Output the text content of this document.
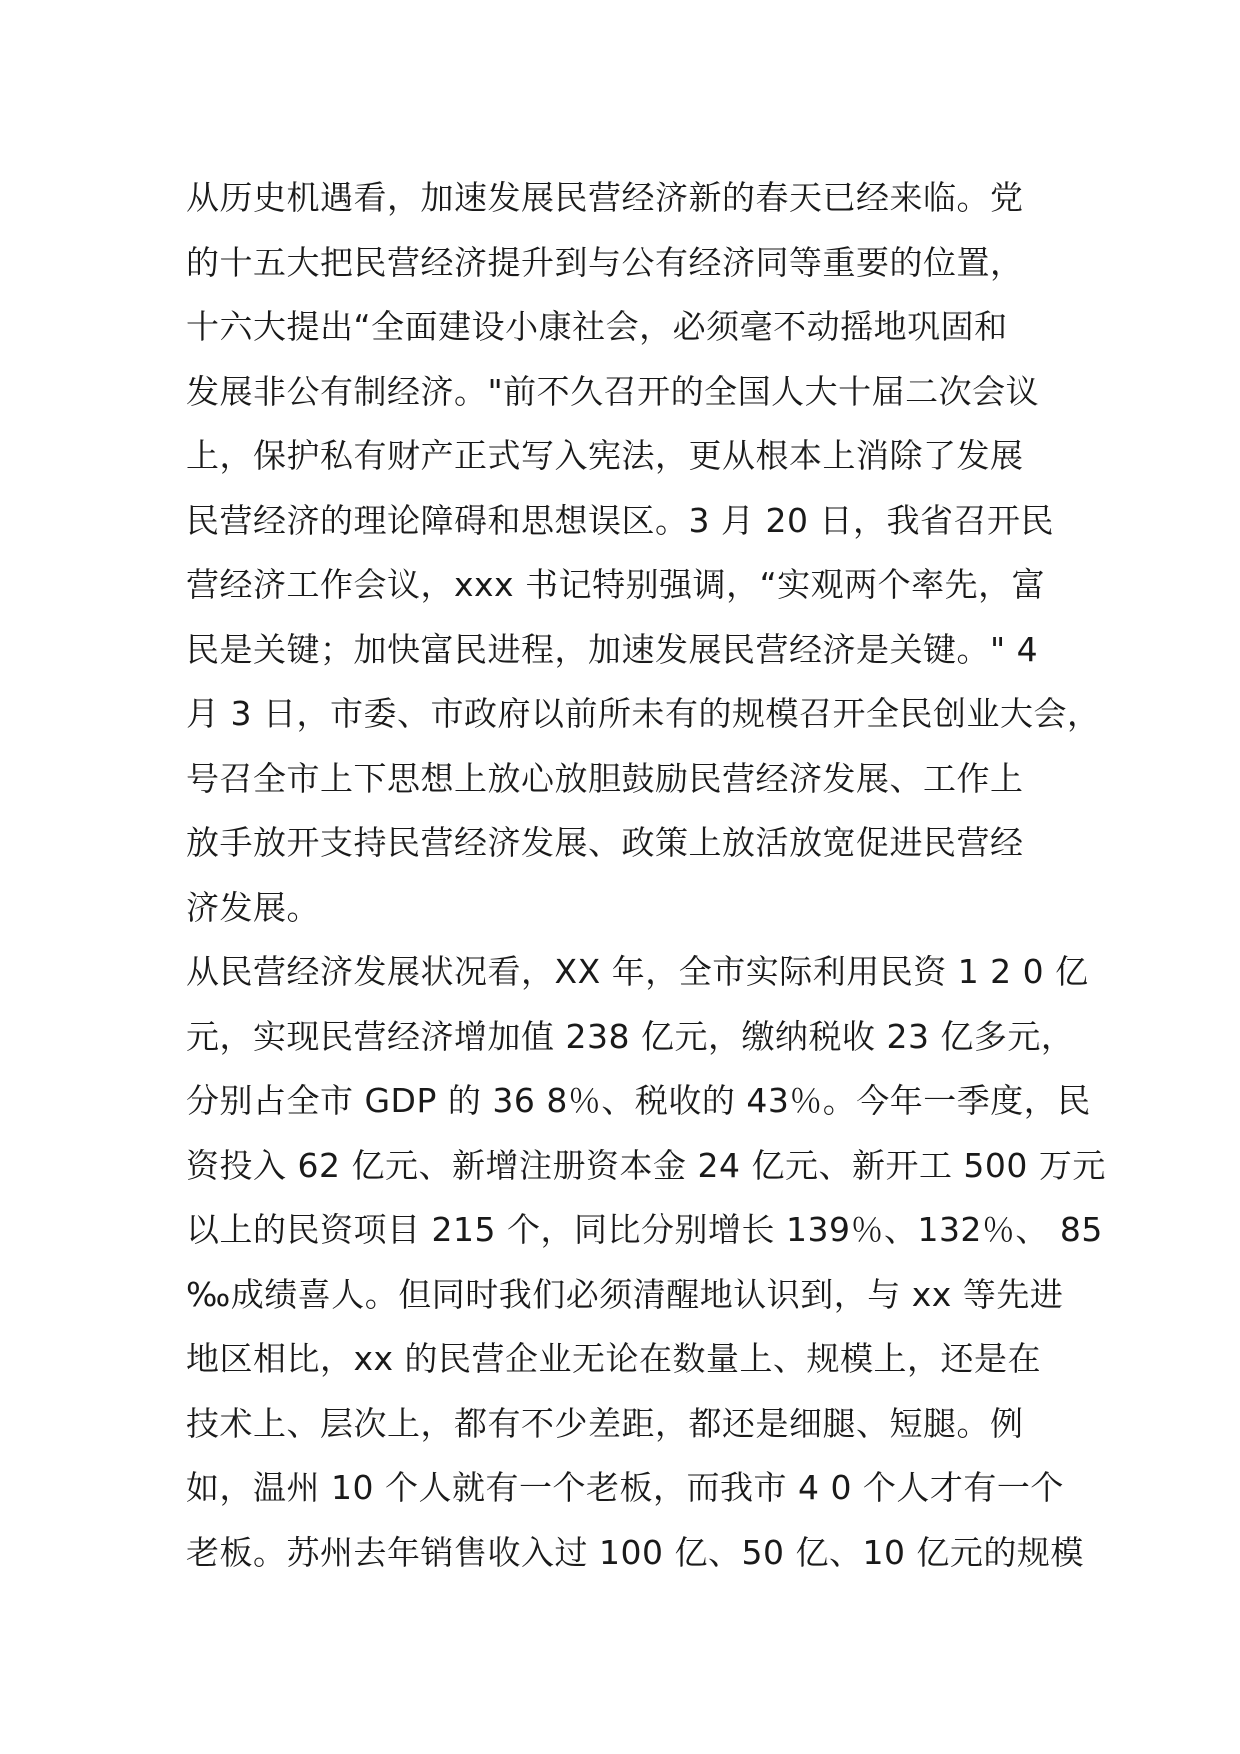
从历史机遇看，加速发展民营经济新的春天已经来临。党
的十五大把民营经济提升到与公有经济同等重要的位置，
十六大提出“全面建设小康社会，必须毫不动摇地巩固和
发展非公有制经济。"前不久召开的全国人大十届二次会议
上，保护私有财产正式写入宪法，更从根本上消除了发展
民营经济的理论障碍和思想误区。3 月 20 日，我省召开民
营经济工作会议，xxx 书记特别强调，“实观两个率先，富
民是关键；加快富民进程，加速发展民营经济是关键。" 4
月 3 日，市委、市政府以前所未有的规模召开全民创业大会，
号召全市上下思想上放心放胆鼓励民营经济发展、工作上
放手放开支持民营经济发展、政策上放活放宽促进民营经
济发展。
从民营经济发展状况看，XX 年，全市实际利用民资 1 2 0 亿
元，实现民营经济增加值 238 亿元，缴纳税收 23 亿多元，
分别占全市 GDP 的 36 8％、税收的 43％。今年一季度，民
资投入 62 亿元、新增注册资本金 24 亿元、新开工 500 万元
以上的民资项目 215 个，同比分别增长 139％、132％、 85
‰成绩喜人。但同时我们必须清醒地认识到，与 xx 等先进
地区相比，xx 的民营企业无论在数量上、规模上，还是在
技术上、层次上，都有不少差距，都还是细腿、短腿。例
如，温州 10 个人就有一个老板，而我市 4 0 个人才有一个
老板。苏州去年销售收入过 100 亿、50 亿、10 亿元的规模
